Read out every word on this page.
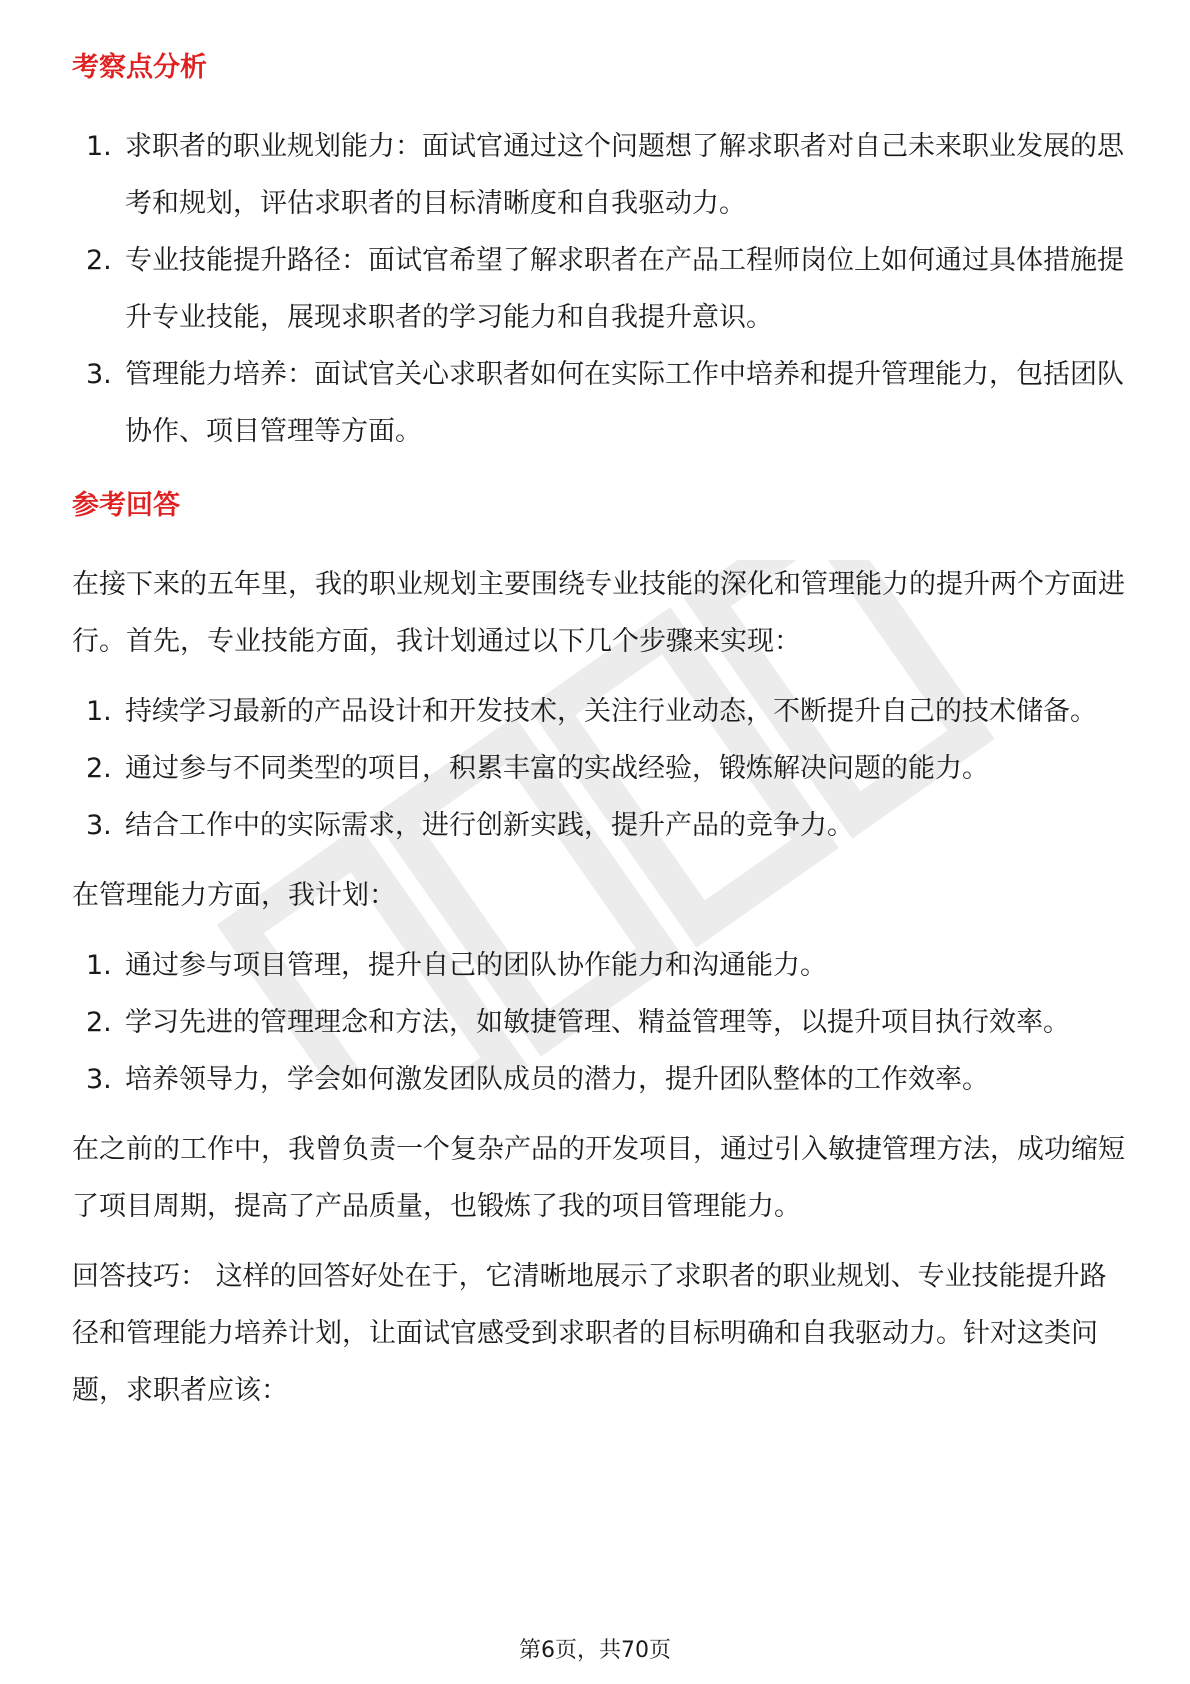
考察点分析
1. 求职者的职业规划能力：面试官通过这个问题想了解求职者对自己未来职业发展的思考和规划，评估求职者的目标清晰度和自我驱动力。
2. 专业技能提升路径：面试官希望了解求职者在产品工程师岗位上如何通过具体措施提升专业技能，展现求职者的学习能力和自我提升意识。
3. 管理能力培养：面试官关心求职者如何在实际工作中培养和提升管理能力，包括团队协作、项目管理等方面。
参考回答

在接下来的五年里，我的职业规划主要围绕专业技能的深化和管理能力的提升两个方面进行。首先，专业技能方面，我计划通过以下几个步骤来实现：

1. 持续学习最新的产品设计和开发技术，关注行业动态，不断提升自己的技术储备。
2. 通过参与不同类型的项目，积累丰富的实战经验，锻炼解决问题的能力。
3. 结合工作中的实际需求，进行创新实践，提升产品的竞争力。

在管理能力方面，我计划：

1. 通过参与项目管理，提升自己的团队协作能力和沟通能力。
2. 学习先进的管理理念和方法，如敏捷管理、精益管理等，以提升项目执行效率。
3. 培养领导力，学会如何激发团队成员的潜力，提升团队整体的工作效率。

在之前的工作中，我曾负责一个复杂产品的开发项目，通过引入敏捷管理方法，成功缩短了项目周期，提高了产品质量，也锻炼了我的项目管理能力。

回答技巧： 这样的回答好处在于，它清晰地展示了求职者的职业规划、专业技能提升路径和管理能力培养计划，让面试官感受到求职者的目标明确和自我驱动力。针对这类问题，求职者应该：

第6页，共70页
